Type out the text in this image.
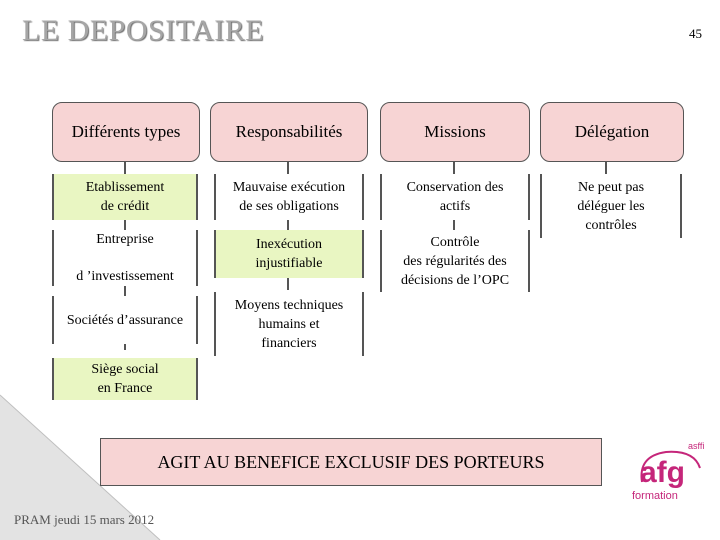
LE DEPOSITAIRE	45
Différents types	Responsabilités	Missions	Délégation
Etablissement
de crédit
Entreprise
d ’investissement
Sociétés d’assurance
Siège social
en France
Mauvaise exécution
de ses obligations
Inexécution
injustifiable
Moyens techniques
humains et
financiers
Conservation des
actifs
Contrôle
des régularités des
décisions de l’OPC
Ne peut pas
déléguer les
contrôles
AGIT AU BENEFICE EXCLUSIF DES PORTEURS
PRAM jeudi 15 mars 2012
asffi
afg
formation
